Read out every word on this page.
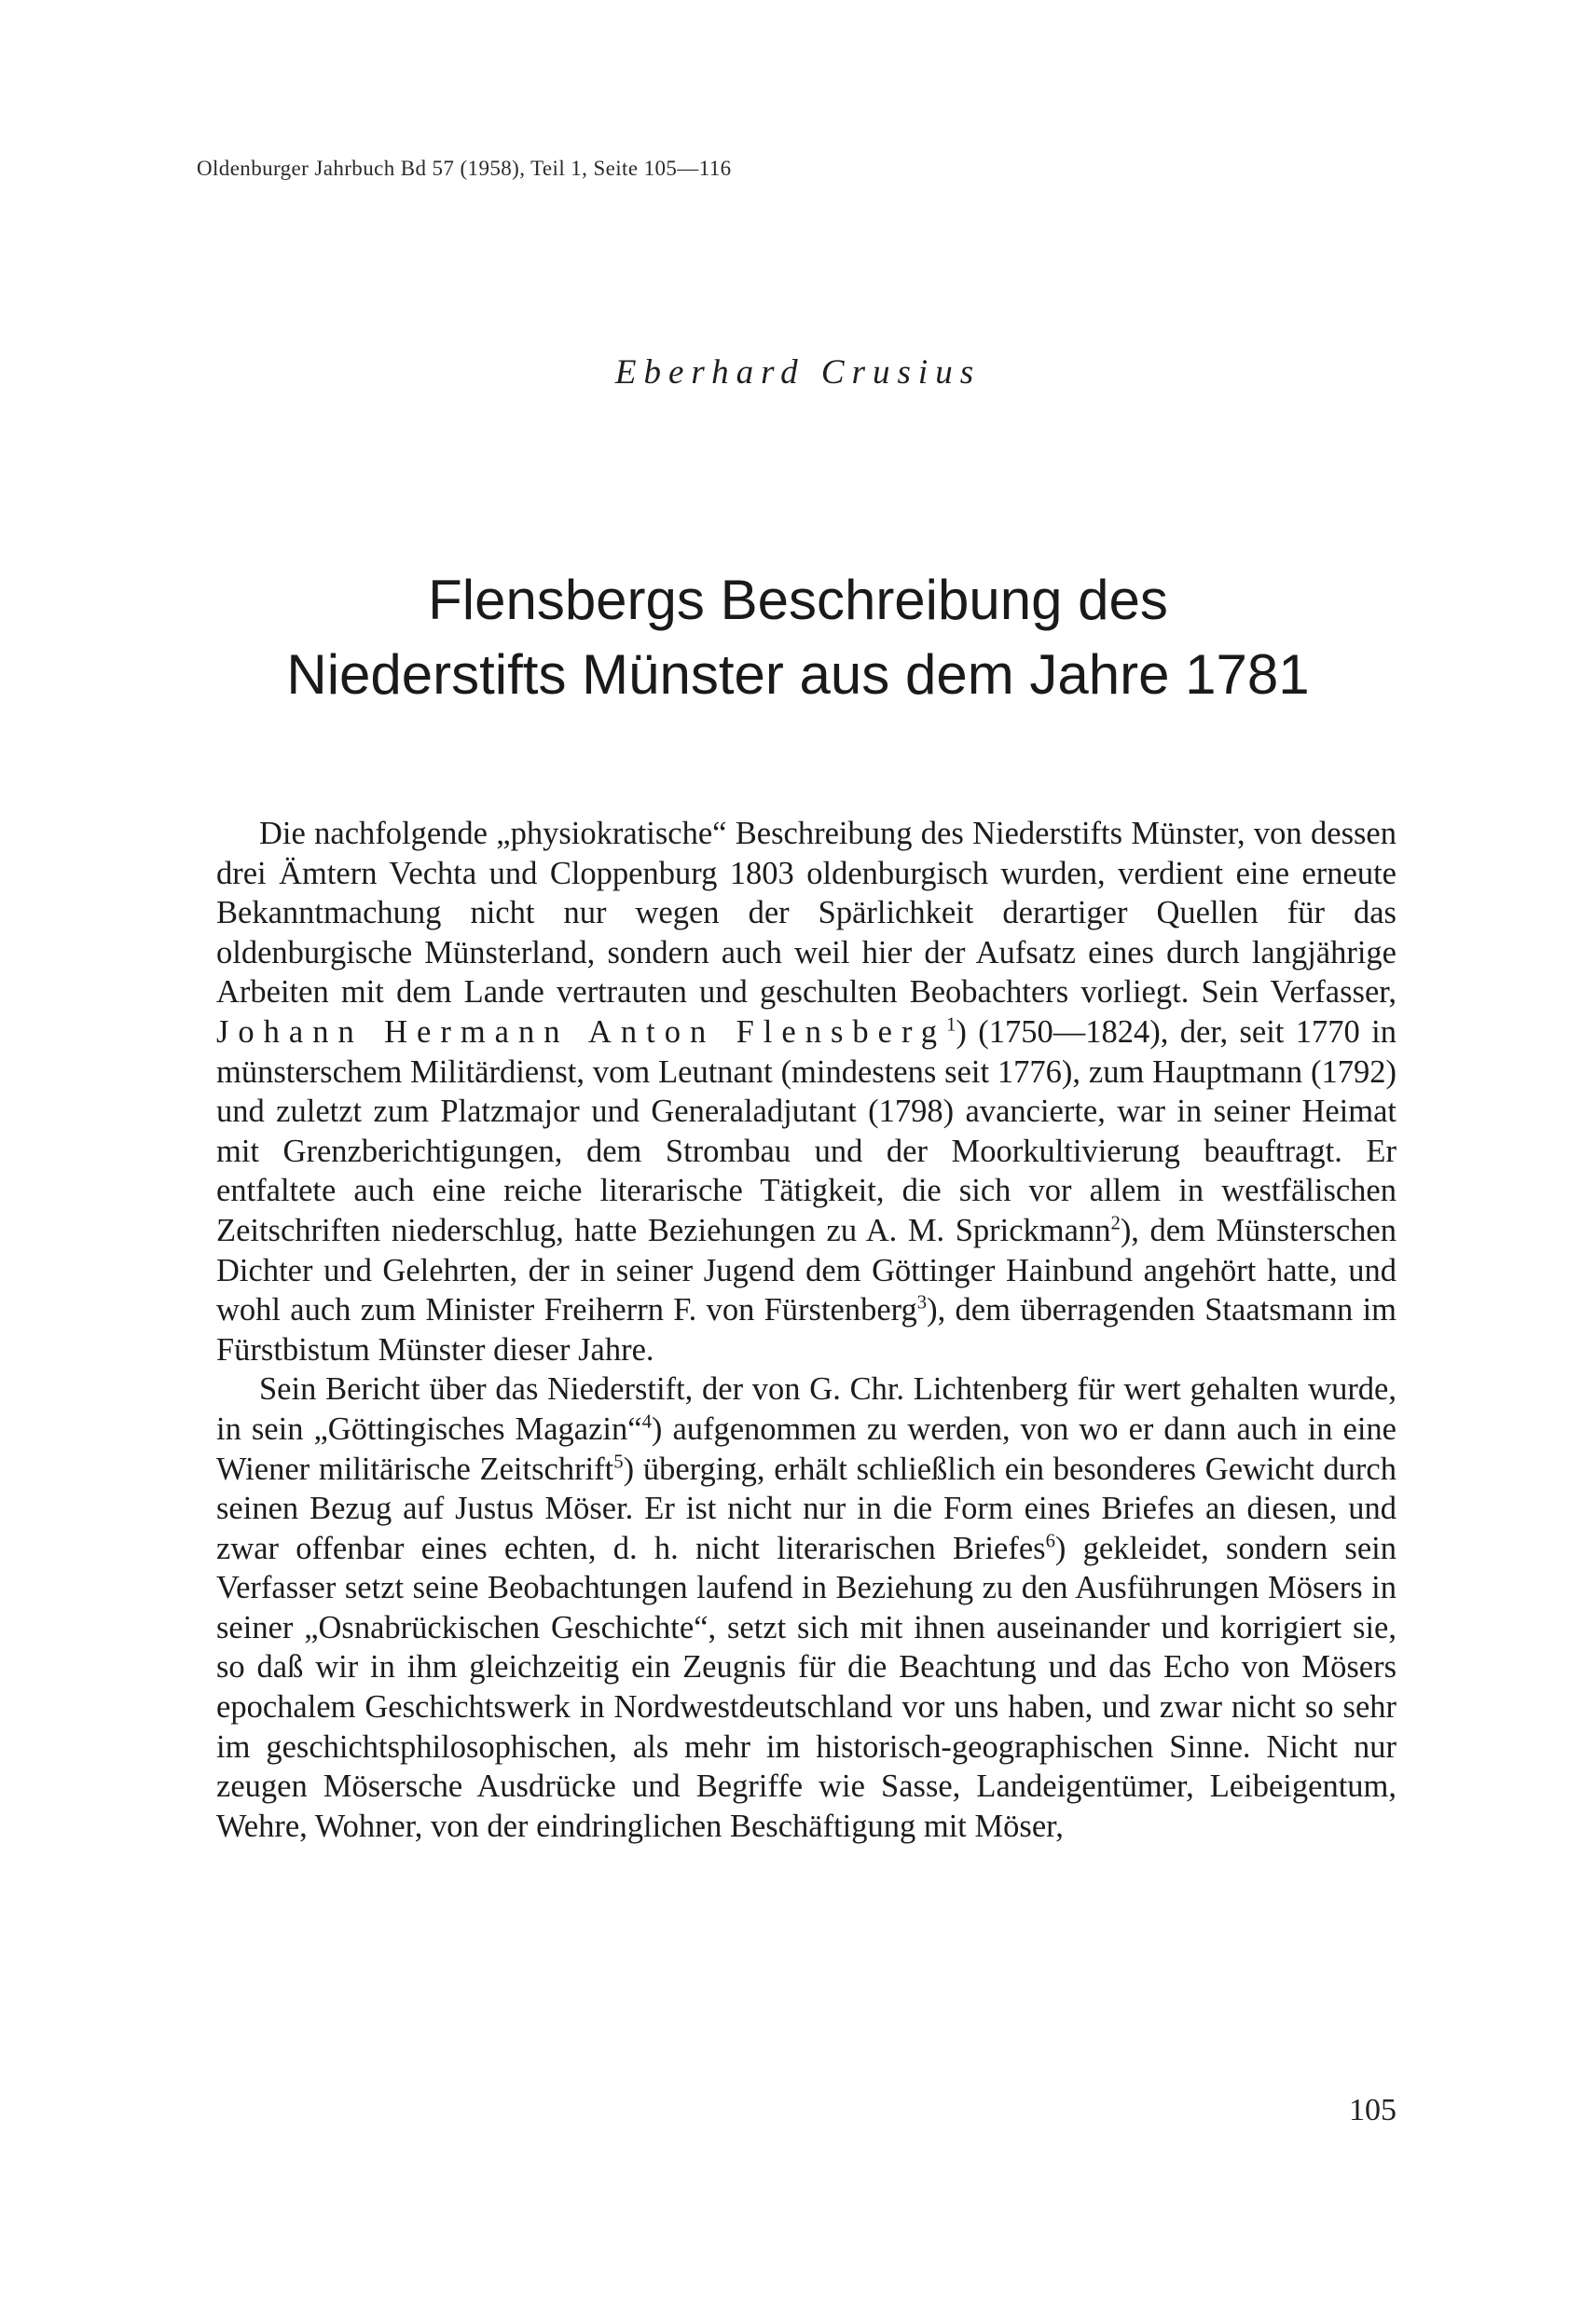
Oldenburger Jahrbuch Bd 57 (1958), Teil 1, Seite 105—116
Eberhard Crusius
Flensbergs Beschreibung des
Niederstifts Münster aus dem Jahre 1781

Die nachfolgende „physiokratische“ Beschreibung des Niederstifts Münster, von dessen drei Ämtern Vechta und Cloppenburg 1803 oldenburgisch wurden, verdient eine erneute Bekanntmachung nicht nur wegen der Spärlichkeit derartiger Quellen für das oldenburgische Münsterland, sondern auch weil hier der Aufsatz eines durch langjährige Arbeiten mit dem Lande vertrauten und geschulten Beobachters vorliegt. Sein Verfasser, Johann Hermann Anton Flensberg$^1$) (1750—1824), der, seit 1770 in münsterschem Militärdienst, vom Leutnant (mindestens seit 1776), zum Hauptmann (1792) und zuletzt zum Platzmajor und Generaladjutant (1798) avancierte, war in seiner Heimat mit Grenzberichtigungen, dem Strombau und der Moorkultivierung beauftragt. Er entfaltete auch eine reiche literarische Tätigkeit, die sich vor allem in westfälischen Zeitschriften niederschlug, hatte Beziehungen zu A. M. Sprickmann$^2$), dem Münsterschen Dichter und Gelehrten, der in seiner Jugend dem Göttinger Hainbund angehört hatte, und wohl auch zum Minister Freiherrn F. von Fürstenberg$^3$), dem überragenden Staatsmann im Fürstbistum Münster dieser Jahre.

Sein Bericht über das Niederstift, der von G. Chr. Lichtenberg für wert gehalten wurde, in sein „Göttingisches Magazin“$^4$) aufgenommen zu werden, von wo er dann auch in eine Wiener militärische Zeitschrift$^5$) überging, erhält schließlich ein besonderes Gewicht durch seinen Bezug auf Justus Möser. Er ist nicht nur in die Form eines Briefes an diesen, und zwar offenbar eines echten, d. h. nicht literarischen Briefes$^6$) gekleidet, sondern sein Verfasser setzt seine Beobachtungen laufend in Beziehung zu den Ausführungen Mösers in seiner „Osnabrückischen Geschichte“, setzt sich mit ihnen auseinander und korrigiert sie, so daß wir in ihm gleichzeitig ein Zeugnis für die Beachtung und das Echo von Mösers epochalem Geschichtswerk in Nordwestdeutschland vor uns haben, und zwar nicht so sehr im geschichtsphilosophischen, als mehr im historisch-geographischen Sinne. Nicht nur zeugen Mösersche Ausdrücke und Begriffe wie Sasse, Landeigentümer, Leibeigentum, Wehre, Wohner, von der eindringlichen Beschäftigung mit Möser,

105
